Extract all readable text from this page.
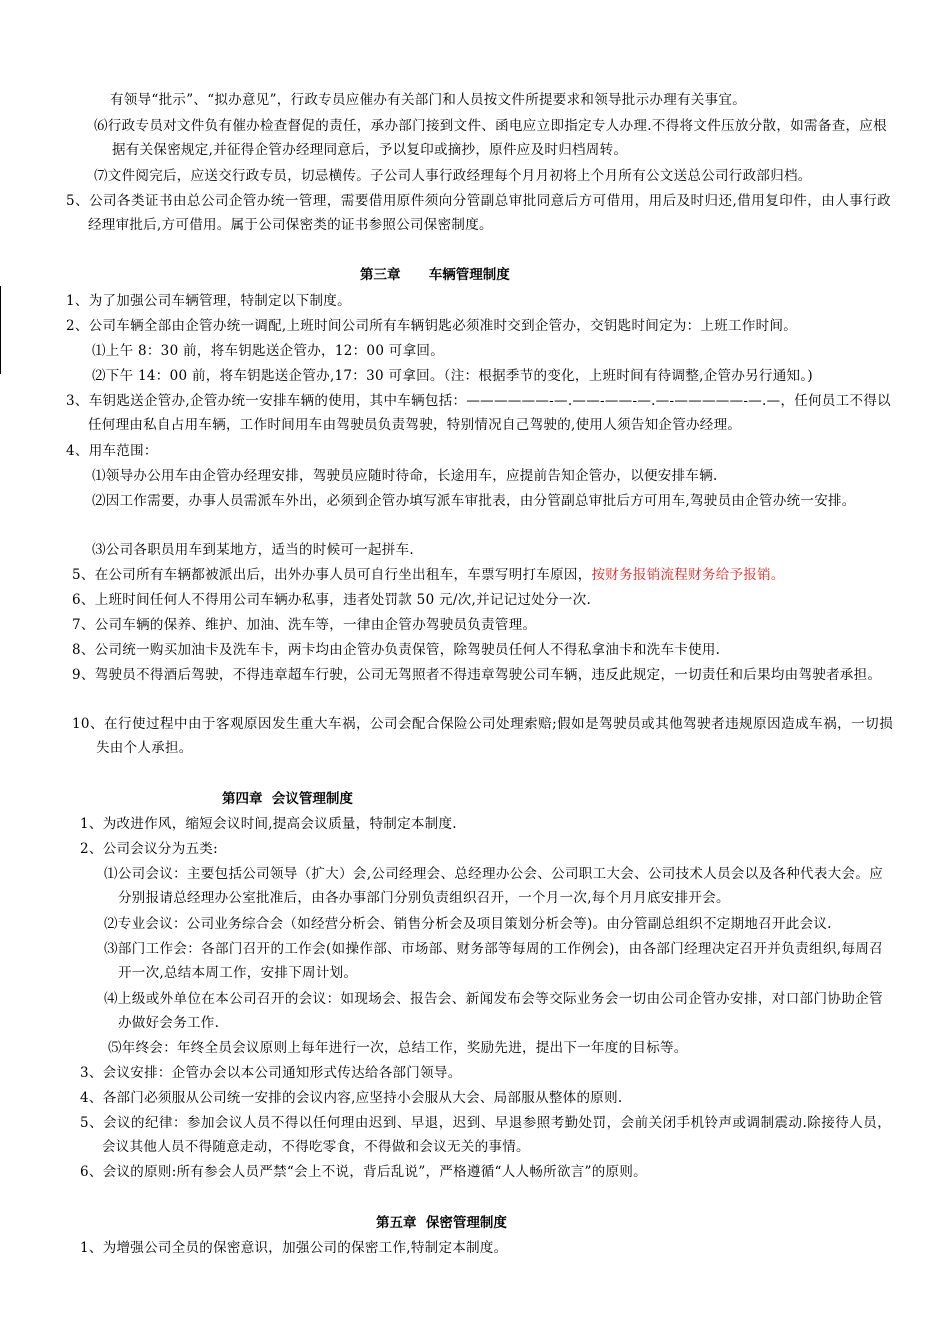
有领导“批示”、“拟办意见”，行政专员应催办有关部门和人员按文件所提要求和领导批示办理有关事宜。
⑹行政专员对文件负有催办检查督促的责任，承办部门接到文件、函电应立即指定专人办理.不得将文件压放分散，如需备查，应根据有关保密规定,并征得企管办经理同意后，予以复印或摘抄，原件应及时归档周转。
⑺文件阅完后，应送交行政专员，切忌横传。子公司人事行政经理每个月月初将上个月所有公文送总公司行政部归档。
5、公司各类证书由总公司企管办统一管理，需要借用原件须向分管副总审批同意后方可借用，用后及时归还,借用复印件，由人事行政经理审批后,方可借用。属于公司保密类的证书参照公司保密制度。
第三章      车辆管理制度
1、为了加强公司车辆管理，特制定以下制度。
2、公司车辆全部由企管办统一调配,上班时间公司所有车辆钥匙必须准时交到企管办，交钥匙时间定为：上班工作时间。
⑴上午 8：30 前，将车钥匙送企管办，12：00 可拿回。
⑵下午 14：00 前，将车钥匙送企管办,17：30 可拿回。（注：根据季节的变化，上班时间有待调整,企管办另行通知。)
3、车钥匙送企管办,企管办统一安排车辆的使用，其中车辆包括：——————-—.——-——-—.—-—————-—.—，任何员工不得以任何理由私自占用车辆，工作时间用车由驾驶员负责驾驶，特别情况自己驾驶的,使用人须告知企管办经理。
4、用车范围：
⑴领导办公用车由企管办经理安排，驾驶员应随时待命，长途用车，应提前告知企管办，以便安排车辆.
⑵因工作需要，办事人员需派车外出，必须到企管办填写派车审批表，由分管副总审批后方可用车,驾驶员由企管办统一安排。
⑶公司各职员用车到某地方，适当的时候可一起拼车.
5、在公司所有车辆都被派出后，出外办事人员可自行坐出租车，车票写明打车原因，按财务报销流程财务给予报销。
6、上班时间任何人不得用公司车辆办私事，违者处罚款 50 元/次,并记记过处分一次.
7、公司车辆的保养、维护、加油、洗车等，一律由企管办驾驶员负责管理。
8、公司统一购买加油卡及洗车卡，两卡均由企管办负责保管，除驾驶员任何人不得私拿油卡和洗车卡使用.
9、驾驶员不得酒后驾驶，不得违章超车行驶，公司无驾照者不得违章驾驶公司车辆，违反此规定，一切责任和后果均由驾驶者承担。
10、在行使过程中由于客观原因发生重大车祸，公司会配合保险公司处理索赔;假如是驾驶员或其他驾驶者违规原因造成车祸，一切损失由个人承担。
第四章  会议管理制度
1、为改进作风，缩短会议时间,提高会议质量，特制定本制度.
2、公司会议分为五类:
⑴公司会议：主要包括公司领导（扩大）会,公司经理会、总经理办公会、公司职工大会、公司技术人员会以及各种代表大会。应分别报请总经理办公室批准后，由各办事部门分别负责组织召开，一个月一次,每个月月底安排开会。
⑵专业会议：公司业务综合会（如经营分析会、销售分析会及项目策划分析会等)。由分管副总组织不定期地召开此会议.
⑶部门工作会：各部门召开的工作会(如操作部、市场部、财务部等每周的工作例会)，由各部门经理决定召开并负责组织,每周召开一次,总结本周工作，安排下周计划。
⑷上级或外单位在本公司召开的会议：如现场会、报告会、新闻发布会等交际业务会一切由公司企管办安排，对口部门协助企管办做好会务工作.
⑸年终会：年终全员会议原则上每年进行一次，总结工作，奖励先进，提出下一年度的目标等。
3、会议安排：企管办会以本公司通知形式传达给各部门领导。
4、各部门必须服从公司统一安排的会议内容,应坚持小会服从大会、局部服从整体的原则.
5、会议的纪律：参加会议人员不得以任何理由迟到、早退，迟到、早退参照考勤处罚，会前关闭手机铃声或调制震动.除接待人员，会议其他人员不得随意走动，不得吃零食，不得做和会议无关的事情。
6、会议的原则:所有参会人员严禁“会上不说，背后乱说”，严格遵循“人人畅所欲言”的原则。
第五章  保密管理制度
1、为增强公司全员的保密意识，加强公司的保密工作,特制定本制度。
